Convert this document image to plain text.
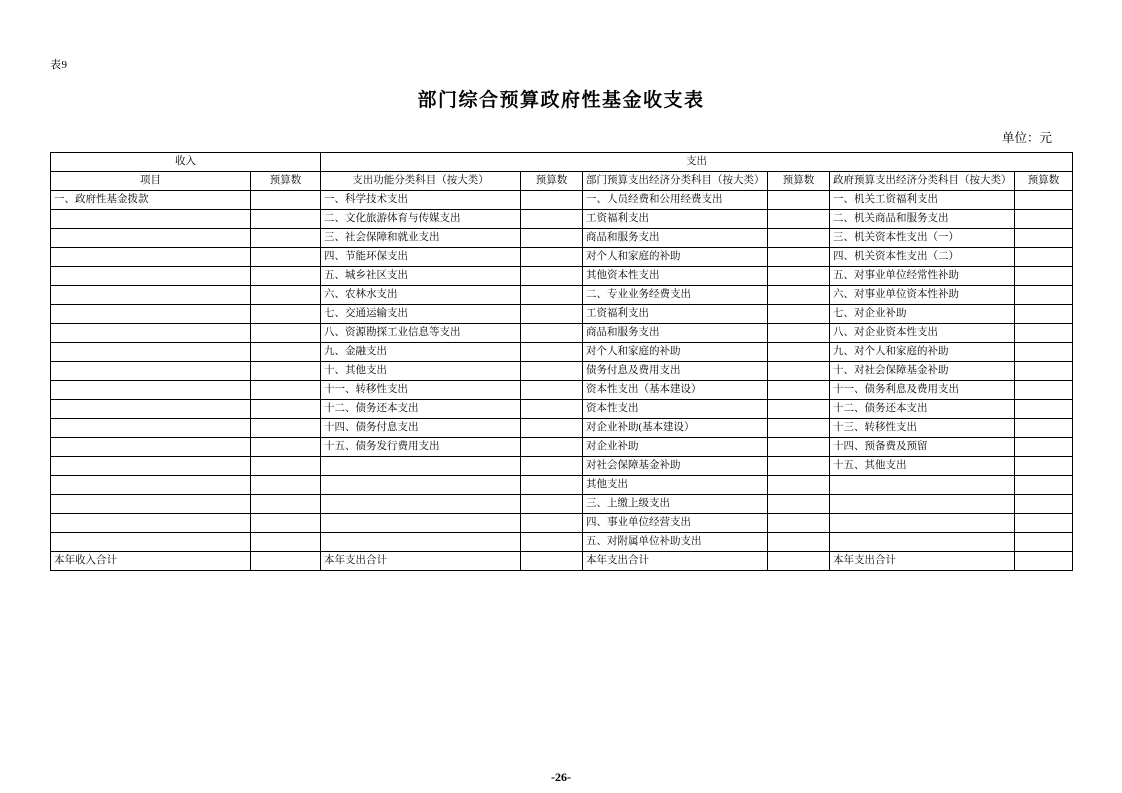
表9
部门综合预算政府性基金收支表
单位：元
收入		支出					
项目	预算数	支出功能分类科目（按大类）	预算数	部门预算支出经济分类科目（按大类）	预算数	政府预算支出经济分类科目（按大类）	预算数
一、政府性基金拨款		一、科学技术支出		一、人员经费和公用经费支出		一、机关工资福利支出	
		二、文化旅游体育与传媒支出		工资福利支出		二、机关商品和服务支出	
		三、社会保障和就业支出		商品和服务支出		三、机关资本性支出（一）	
		四、节能环保支出		对个人和家庭的补助		四、机关资本性支出（二）	
		五、城乡社区支出		其他资本性支出		五、对事业单位经常性补助	
		六、农林水支出		二、专业业务经费支出		六、对事业单位资本性补助	
		七、交通运输支出		工资福利支出		七、对企业补助	
		八、资源勘探工业信息等支出		商品和服务支出		八、对企业资本性支出	
		九、金融支出		对个人和家庭的补助		九、对个人和家庭的补助	
		十、其他支出		债务付息及费用支出		十、对社会保障基金补助	
		十一、转移性支出		资本性支出（基本建设）		十一、债务利息及费用支出	
		十二、债务还本支出		资本性支出		十二、债务还本支出	
		十四、债务付息支出		对企业补助(基本建设）		十三、转移性支出	
		十五、债务发行费用支出		对企业补助		十四、预备费及预留	
				对社会保障基金补助		十五、其他支出	
				其他支出			
				三、上缴上级支出			
				四、事业单位经营支出			
				五、对附属单位补助支出			
本年收入合计		本年支出合计		本年支出合计		本年支出合计	
-26-
